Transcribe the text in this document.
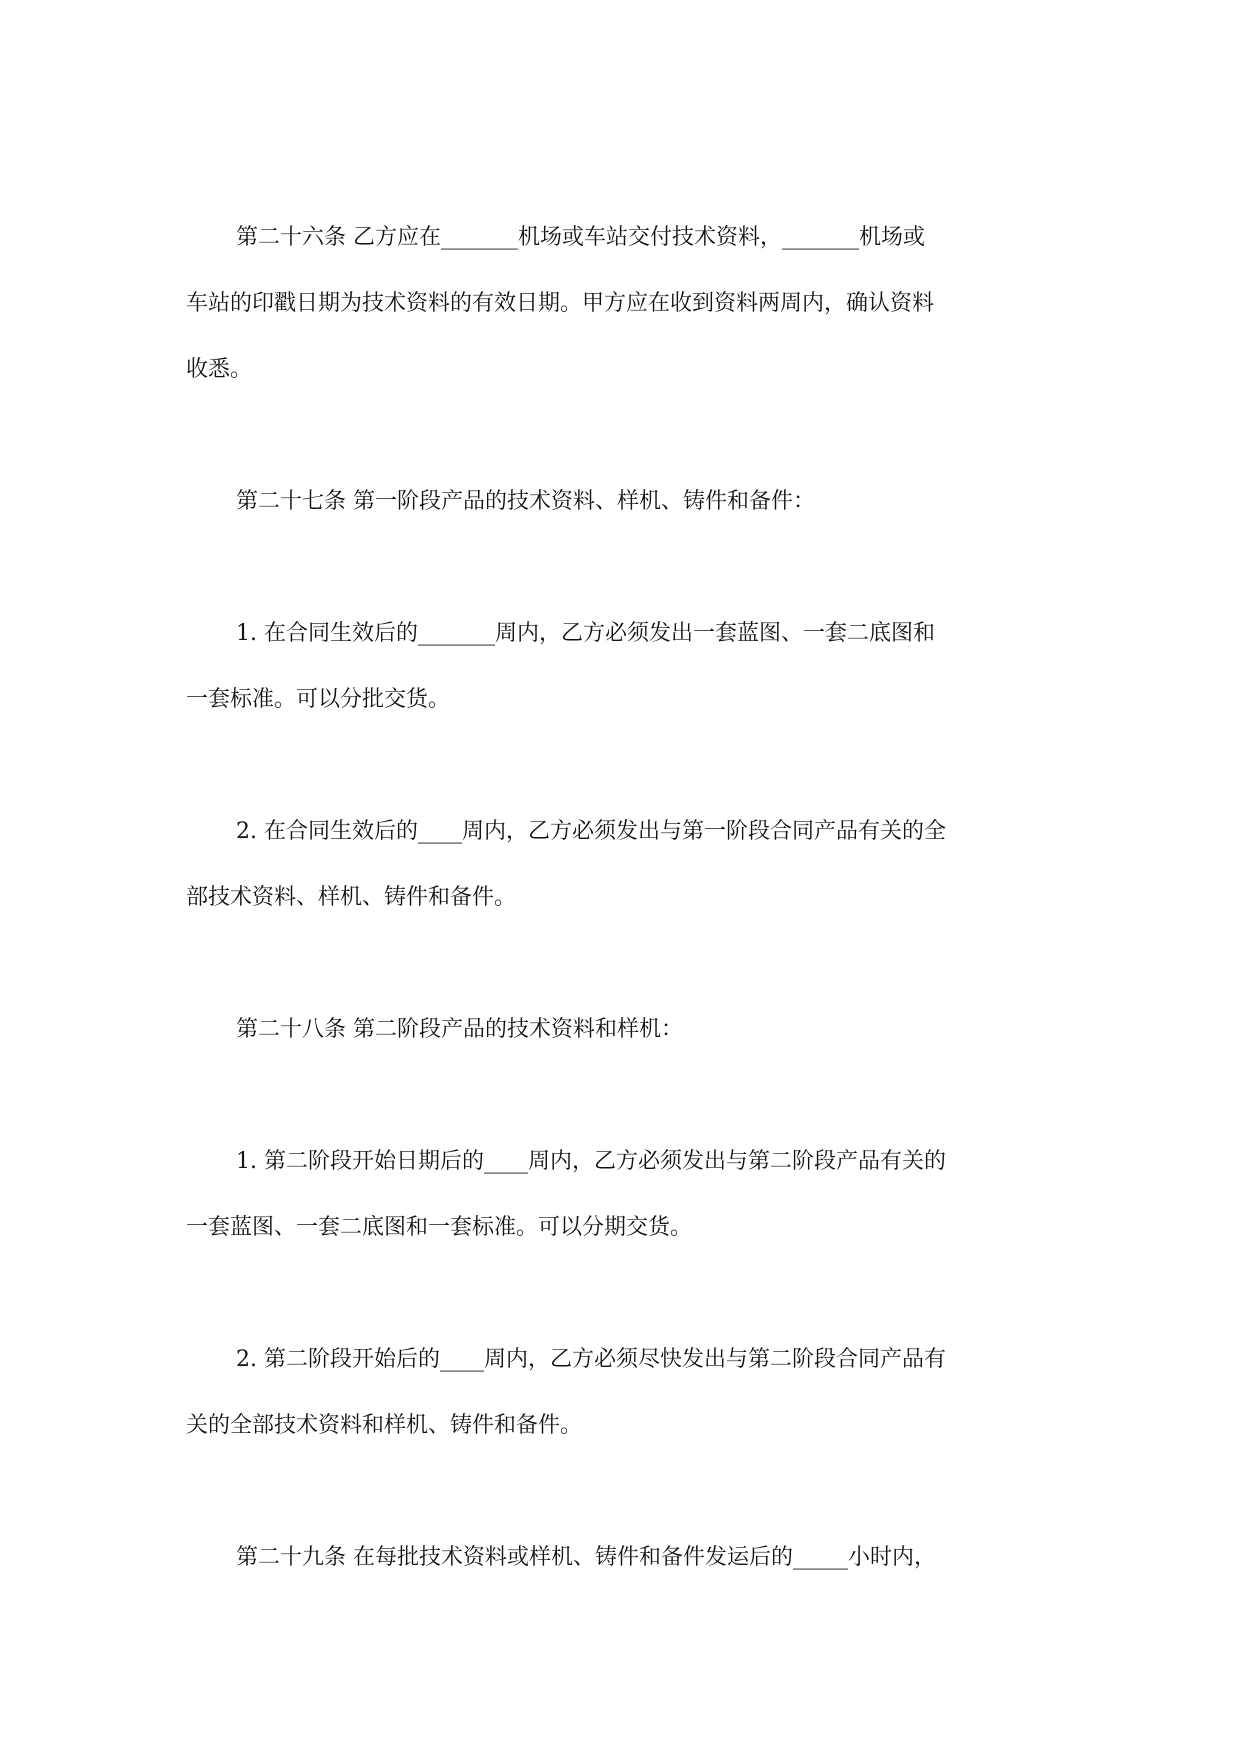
第二十六条 乙方应在_______机场或车站交付技术资料，_______机场或
车站的印戳日期为技术资料的有效日期。甲方应在收到资料两周内，确认资料
收悉。

第二十七条 第一阶段产品的技术资料、样机、铸件和备件：

1. 在合同生效后的_______周内，乙方必须发出一套蓝图、一套二底图和
一套标准。可以分批交货。

2. 在合同生效后的____周内，乙方必须发出与第一阶段合同产品有关的全
部技术资料、样机、铸件和备件。

第二十八条 第二阶段产品的技术资料和样机：

1. 第二阶段开始日期后的____周内，乙方必须发出与第二阶段产品有关的
一套蓝图、一套二底图和一套标准。可以分期交货。

2. 第二阶段开始后的____周内，乙方必须尽快发出与第二阶段合同产品有
关的全部技术资料和样机、铸件和备件。

第二十九条 在每批技术资料或样机、铸件和备件发运后的_____小时内，
